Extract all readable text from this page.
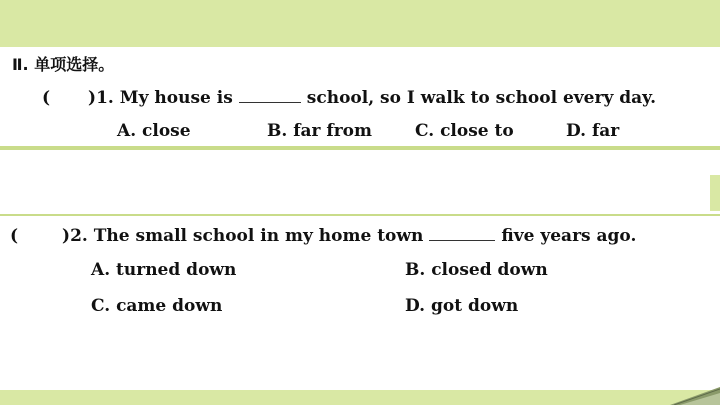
Ⅱ. 单项选择。
( )1. My house is	school, so I walk to school every day.
A. close	B. far from	C. close to	D. far
(	)2. The small school in my home town	five years ago.
A. turned down	B. closed down
C. came down	D. got down
